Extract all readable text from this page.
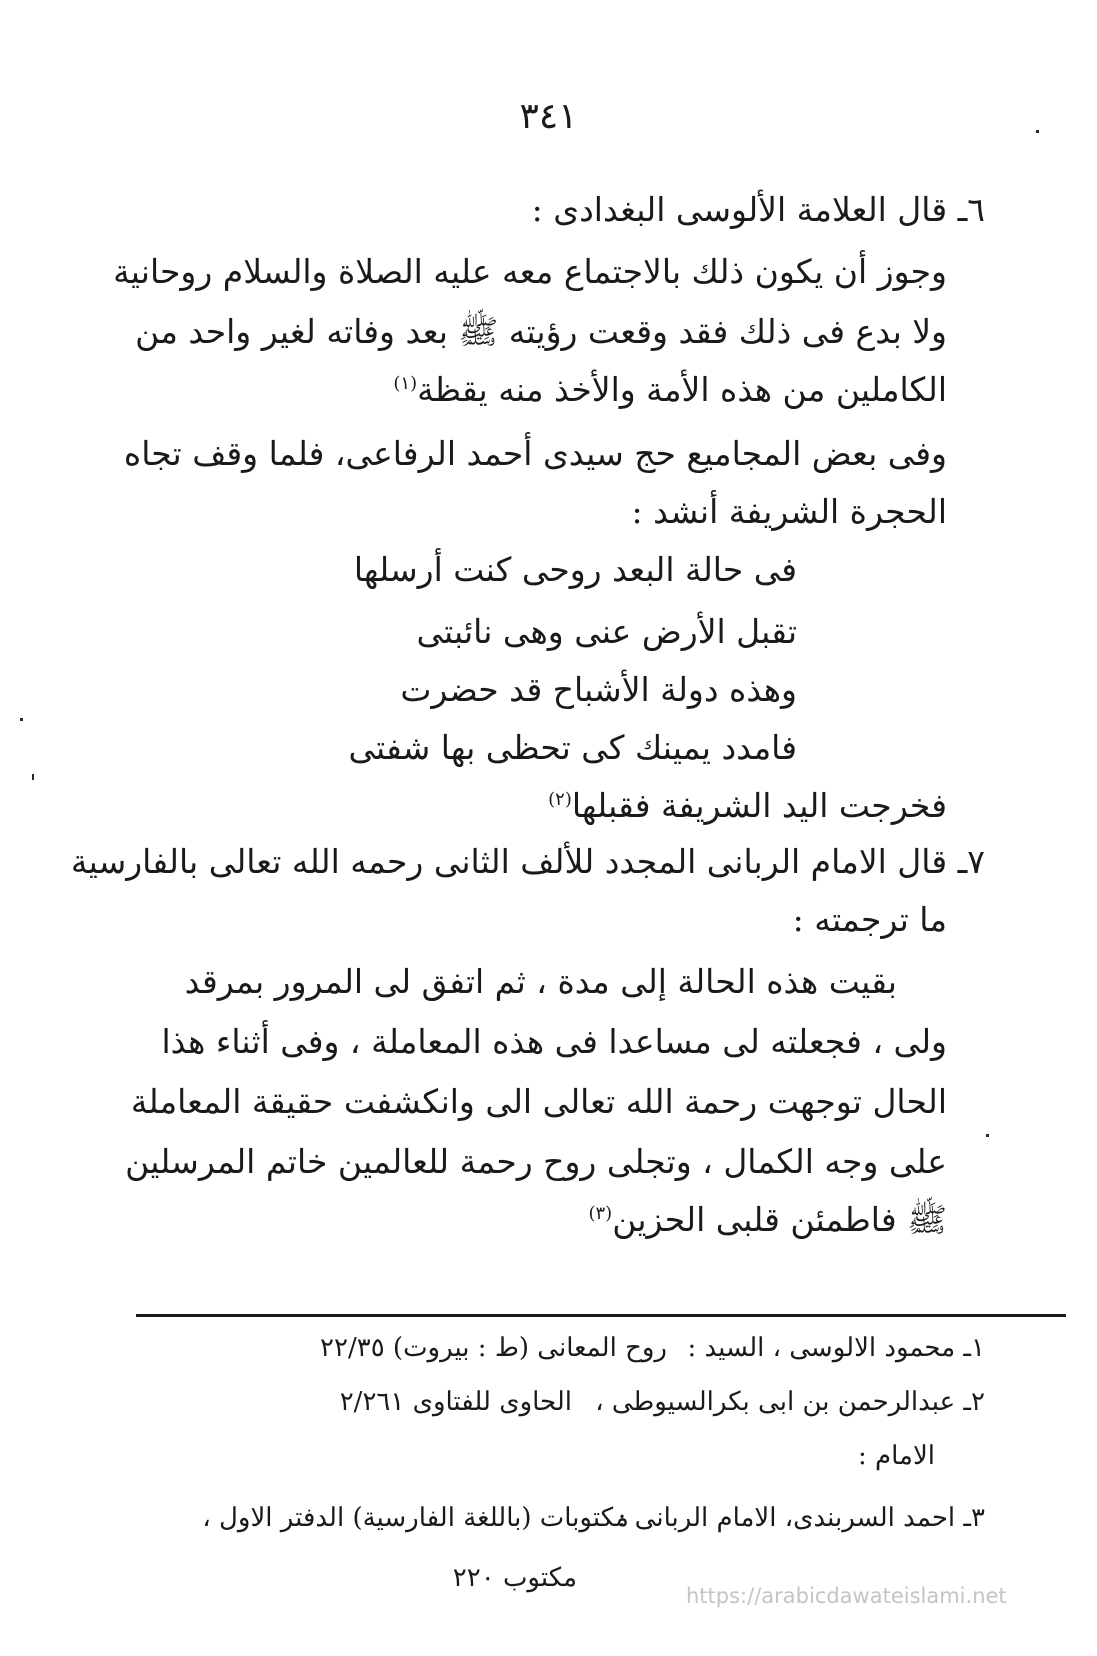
٣٤١
٦ـ قال العلامة الألوسى البغدادى :
وجوز أن يكون ذلك بالاجتماع معه عليه الصلاة والسلام روحانية
ولا بدع فى ذلك فقد وقعت رؤيته ﷺ بعد وفاته لغير واحد من
الكاملين من هذه الأمة والأخذ منه يقظة$^{(١)}$
وفى بعض المجاميع حج سيدى أحمد الرفاعى، فلما وقف تجاه
الحجرة الشريفة أنشد :
فى حالة البعد روحى كنت أرسلها
تقبل الأرض عنى وهى نائبتى
وهذه دولة الأشباح قد حضرت
فامدد يمينك كى تحظى بها شفتى
فخرجت اليد الشريفة فقبلها$^{(٢)}$
٧ـ قال الامام الربانى المجدد للألف الثانى رحمه الله تعالى بالفارسية
ما ترجمته :
بقيت هذه الحالة إلى مدة ، ثم اتفق لى المرور بمرقد
ولى ، فجعلته لى مساعدا فى هذه المعاملة ، وفى أثناء هذا
الحال توجهت رحمة الله تعالى الى وانكشفت حقيقة المعاملة
على وجه الكمال ، وتجلى روح رحمة للعالمين خاتم المرسلين
ﷺ فاطمئن قلبى الحزين$^{(٣)}$
١ـ محمود الالوسى ، السيد :
روح المعانى (ط : بيروت) ٢٢/٣٥
٢ـ عبدالرحمن بن ابى بكرالسيوطى ،
الحاوى للفتاوى ٢/٢٦١
الامام :
٣ـ احمد السربندى، الامام الربانى :
مكتوبات (باللغة الفارسية) الدفتر الاول ،
مكتوب ٢٢٠
https://arabicdawateislami.net
